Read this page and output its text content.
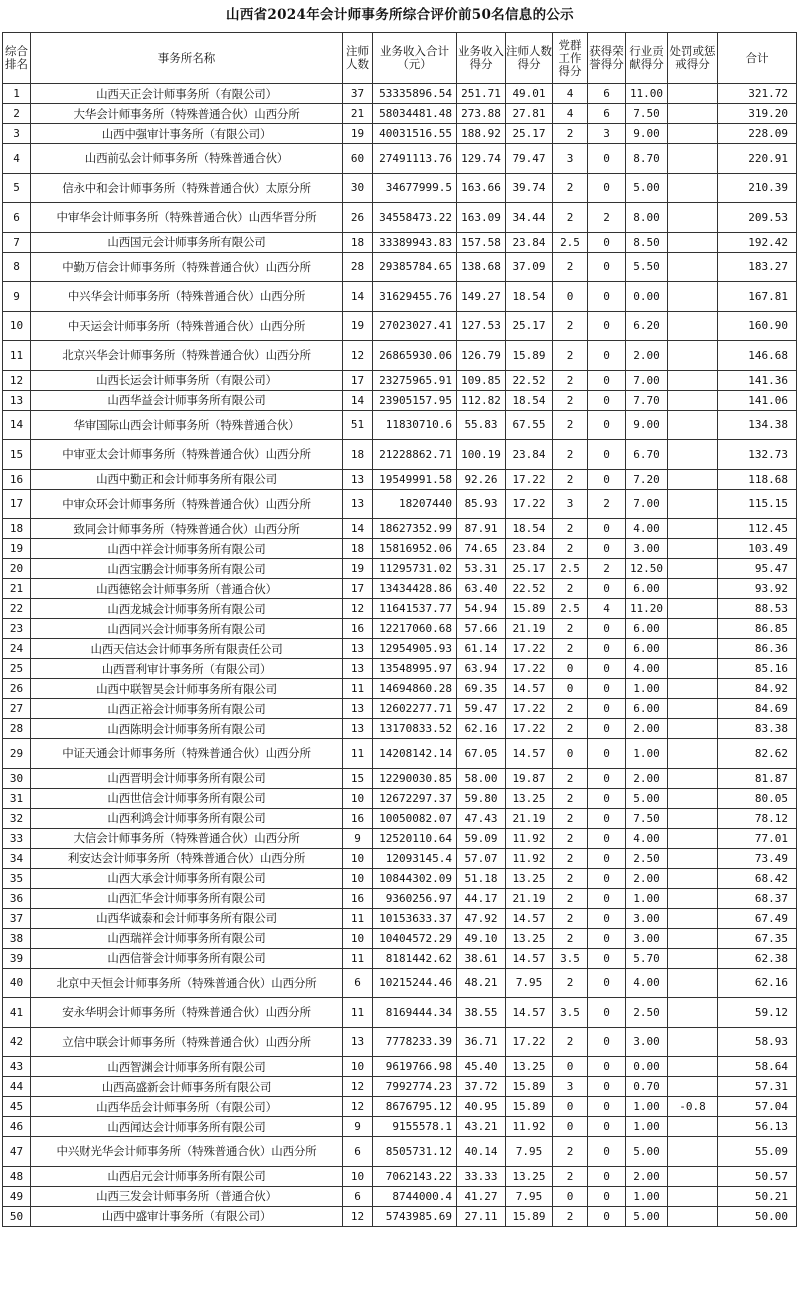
山西省2024年会计师事务所综合评价前50名信息的公示
综合排名	事务所名称	注师人数	业务收入合计（元）	业务收入得分	注师人数得分	党群工作得分	获得荣誉得分	行业贡献得分	处罚或惩戒得分	合计
1	山西天正会计师事务所（有限公司）	37	53335896.54	251.71	49.01	4	6	11.00		321.72
2	大华会计师事务所（特殊普通合伙）山西分所	21	58034481.48	273.88	27.81	4	6	7.50		319.20
3	山西中强审计事务所（有限公司）	19	40031516.55	188.92	25.17	2	3	9.00		228.09
4	山西前弘会计师事务所（特殊普通合伙）	60	27491113.76	129.74	79.47	3	0	8.70		220.91
5	信永中和会计师事务所（特殊普通合伙）太原分所	30	34677999.5	163.66	39.74	2	0	5.00		210.39
6	中审华会计师事务所（特殊普通合伙）山西华晋分所	26	34558473.22	163.09	34.44	2	2	8.00		209.53
7	山西国元会计师事务所有限公司	18	33389943.83	157.58	23.84	2.5	0	8.50		192.42
8	中勤万信会计师事务所（特殊普通合伙）山西分所	28	29385784.65	138.68	37.09	2	0	5.50		183.27
9	中兴华会计师事务所（特殊普通合伙）山西分所	14	31629455.76	149.27	18.54	0	0	0.00		167.81
10	中天运会计师事务所（特殊普通合伙）山西分所	19	27023027.41	127.53	25.17	2	0	6.20		160.90
11	北京兴华会计师事务所（特殊普通合伙）山西分所	12	26865930.06	126.79	15.89	2	0	2.00		146.68
12	山西长运会计师事务所（有限公司）	17	23275965.91	109.85	22.52	2	0	7.00		141.36
13	山西华益会计师事务所有限公司	14	23905157.95	112.82	18.54	2	0	7.70		141.06
14	华审国际山西会计师事务所（特殊普通合伙）	51	11830710.6	55.83	67.55	2	0	9.00		134.38
15	中审亚太会计师事务所（特殊普通合伙）山西分所	18	21228862.71	100.19	23.84	2	0	6.70		132.73
16	山西中勤正和会计师事务所有限公司	13	19549991.58	92.26	17.22	2	0	7.20		118.68
17	中审众环会计师事务所（特殊普通合伙）山西分所	13	18207440	85.93	17.22	3	2	7.00		115.15
18	致同会计师事务所（特殊普通合伙）山西分所	14	18627352.99	87.91	18.54	2	0	4.00		112.45
19	山西中祥会计师事务所有限公司	18	15816952.06	74.65	23.84	2	0	3.00		103.49
20	山西宝鹏会计师事务所有限公司	19	11295731.02	53.31	25.17	2.5	2	12.50		95.47
21	山西德铭会计师事务所（普通合伙）	17	13434428.86	63.40	22.52	2	0	6.00		93.92
22	山西龙城会计师事务所有限公司	12	11641537.77	54.94	15.89	2.5	4	11.20		88.53
23	山西同兴会计师事务所有限公司	16	12217060.68	57.66	21.19	2	0	6.00		86.85
24	山西天信达会计师事务所有限责任公司	13	12954905.93	61.14	17.22	2	0	6.00		86.36
25	山西晋利审计事务所（有限公司）	13	13548995.97	63.94	17.22	0	0	4.00		85.16
26	山西中联智昊会计师事务所有限公司	11	14694860.28	69.35	14.57	0	0	1.00		84.92
27	山西正裕会计师事务所有限公司	13	12602277.71	59.47	17.22	2	0	6.00		84.69
28	山西陈明会计师事务所有限公司	13	13170833.52	62.16	17.22	2	0	2.00		83.38
29	中证天通会计师事务所（特殊普通合伙）山西分所	11	14208142.14	67.05	14.57	0	0	1.00		82.62
30	山西晋明会计师事务所有限公司	15	12290030.85	58.00	19.87	2	0	2.00		81.87
31	山西世信会计师事务所有限公司	10	12672297.37	59.80	13.25	2	0	5.00		80.05
32	山西利鸿会计师事务所有限公司	16	10050082.07	47.43	21.19	2	0	7.50		78.12
33	大信会计师事务所（特殊普通合伙）山西分所	9	12520110.64	59.09	11.92	2	0	4.00		77.01
34	利安达会计师事务所（特殊普通合伙）山西分所	10	12093145.4	57.07	11.92	2	0	2.50		73.49
35	山西大承会计师事务所有限公司	10	10844302.09	51.18	13.25	2	0	2.00		68.42
36	山西汇华会计师事务所有限公司	16	9360256.97	44.17	21.19	2	0	1.00		68.37
37	山西华诚泰和会计师事务所有限公司	11	10153633.37	47.92	14.57	2	0	3.00		67.49
38	山西瑞祥会计师事务所有限公司	10	10404572.29	49.10	13.25	2	0	3.00		67.35
39	山西信誉会计师事务所有限公司	11	8181442.62	38.61	14.57	3.5	0	5.70		62.38
40	北京中天恒会计师事务所（特殊普通合伙）山西分所	6	10215244.46	48.21	7.95	2	0	4.00		62.16
41	安永华明会计师事务所（特殊普通合伙）山西分所	11	8169444.34	38.55	14.57	3.5	0	2.50		59.12
42	立信中联会计师事务所（特殊普通合伙）山西分所	13	7778233.39	36.71	17.22	2	0	3.00		58.93
43	山西智渊会计师事务所有限公司	10	9619766.98	45.40	13.25	0	0	0.00		58.64
44	山西高盛新会计师事务所有限公司	12	7992774.23	37.72	15.89	3	0	0.70		57.31
45	山西华岳会计师事务所（有限公司）	12	8676795.12	40.95	15.89	0	0	1.00	-0.8	57.04
46	山西闻达会计师事务所有限公司	9	9155578.1	43.21	11.92	0	0	1.00		56.13
47	中兴财光华会计师事务所（特殊普通合伙）山西分所	6	8505731.12	40.14	7.95	2	0	5.00		55.09
48	山西启元会计师事务所有限公司	10	7062143.22	33.33	13.25	2	0	2.00		50.57
49	山西三发会计师事务所（普通合伙）	6	8744000.4	41.27	7.95	0	0	1.00		50.21
50	山西中盛审计事务所（有限公司）	12	5743985.69	27.11	15.89	2	0	5.00		50.00
